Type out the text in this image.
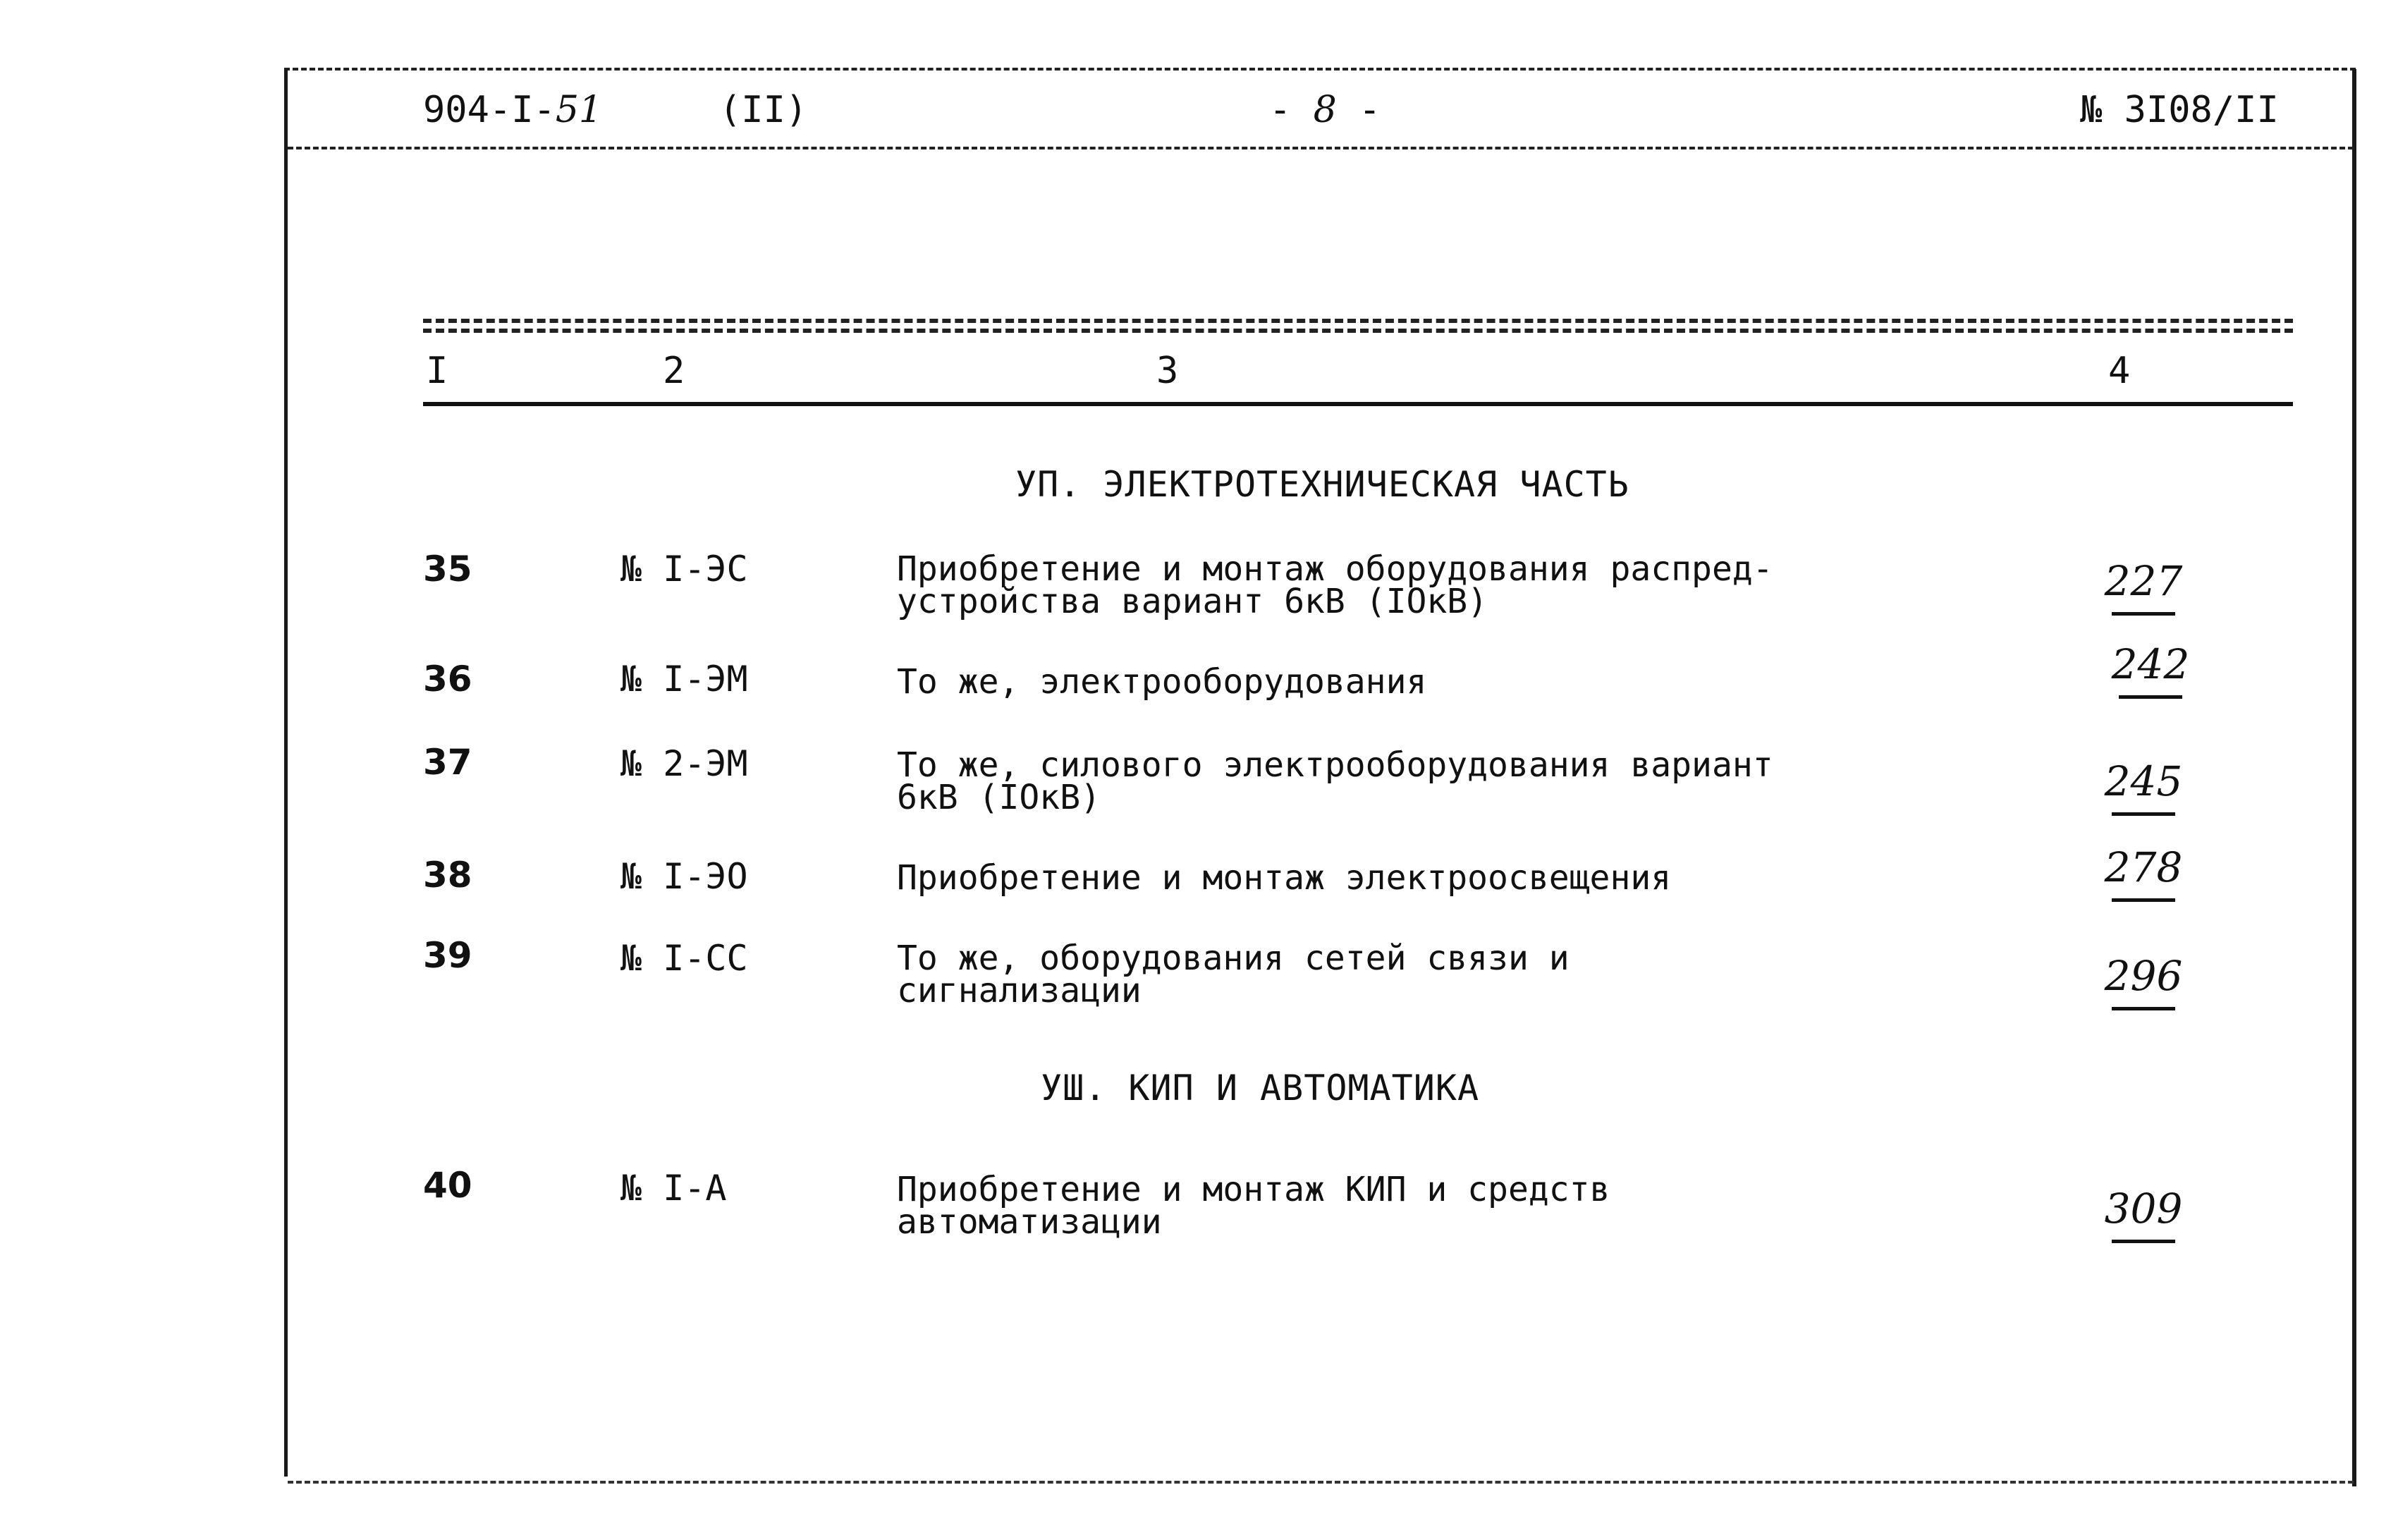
904-I-51	(II)	- 8 -	№ 3I08/II
I	2	3	4
УП. ЭЛЕКТРОТЕХНИЧЕСКАЯ ЧАСТЬ
35	№ I-ЭС	Приобретение и монтаж оборудования распред-
устройства вариант 6кВ (IОкВ)	227
36	№ I-ЭМ	То же, электрооборудования	242
37	№ 2-ЭМ	То же, силового электрооборудования вариант
6кВ (IОкВ)	245
38	№ I-ЭО	Приобретение и монтаж электроосвещения	278
39	№ I-СС	То же, оборудования сетей связи и
сигнализации	296
УШ. КИП И АВТОМАТИКА
40	№ I-А	Приобретение и монтаж КИП и средств
автоматизации	309
